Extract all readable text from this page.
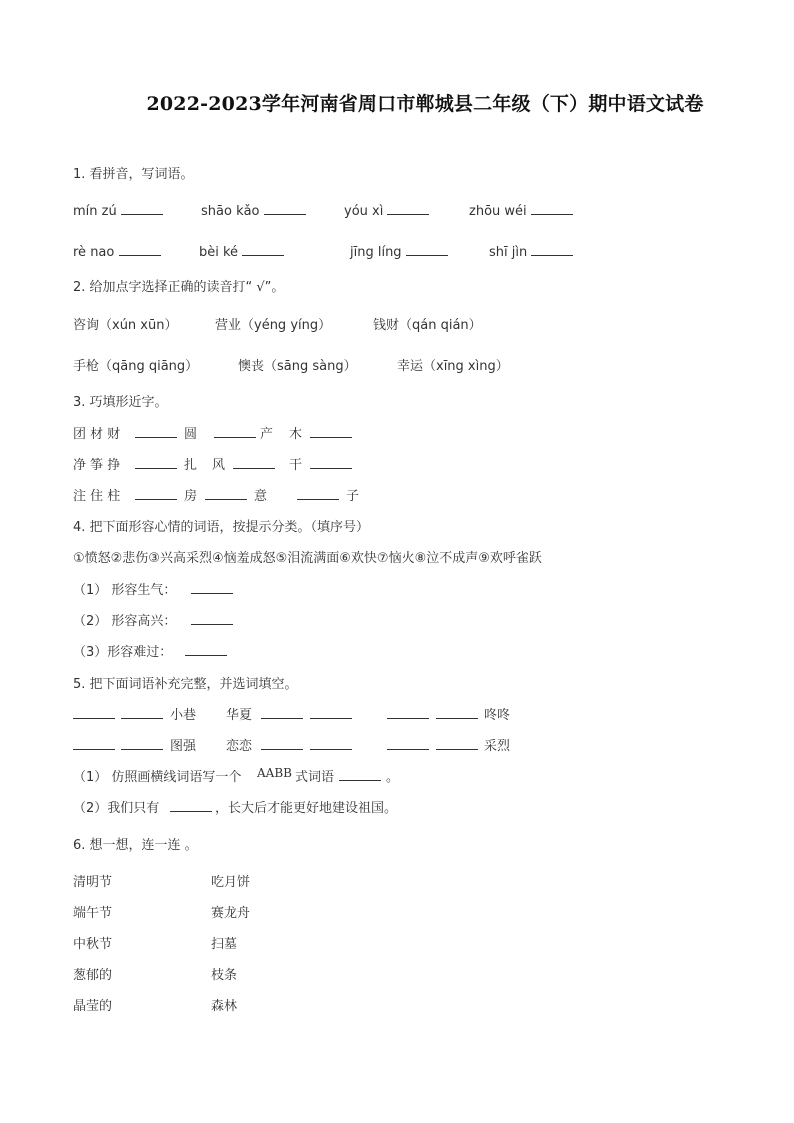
2022-2023学年河南省周口市郸城县二年级（下）期中语文试卷
1. 看拼音，写词语。
mín zú	shāo kǎo	yóu xì	zhōu wéi
rè nao	bèi ké	jīng líng	shī jìn
2. 给加点字选择正确的读音打“ √”。
咨询（xún xūn）	营业（yéng yíng）	钱财（qán qián）
手枪（qāng qiāng）	懊丧（sāng sàng）	幸运（xīng xìng）
3. 巧填形近字。
团 材 财	圆	产 木
净 筝 挣	扎 风	干
注 住 柱	房	意	子
4. 把下面形容心情的词语，按提示分类。（填序号）
①愤怒②悲伤③兴高采烈④恼羞成怒⑤泪流满面⑥欢快⑦恼火⑧泣不成声⑨欢呼雀跃
（1） 形容生气：
（2） 形容高兴：
（3）形容难过：
5. 把下面词语补充完整，并选词填空。
小巷 华夏	咚咚
图强 恋恋	采烈
（1） 仿照画横线词语写一个 AABB 式词语	。
（2）我们只有	，长大后才能更好地建设祖国。
6. 想一想，连一连 。
清明节	吃月饼
端午节	赛龙舟
中秋节	扫墓
葱郁的	枝条
晶莹的	森林
